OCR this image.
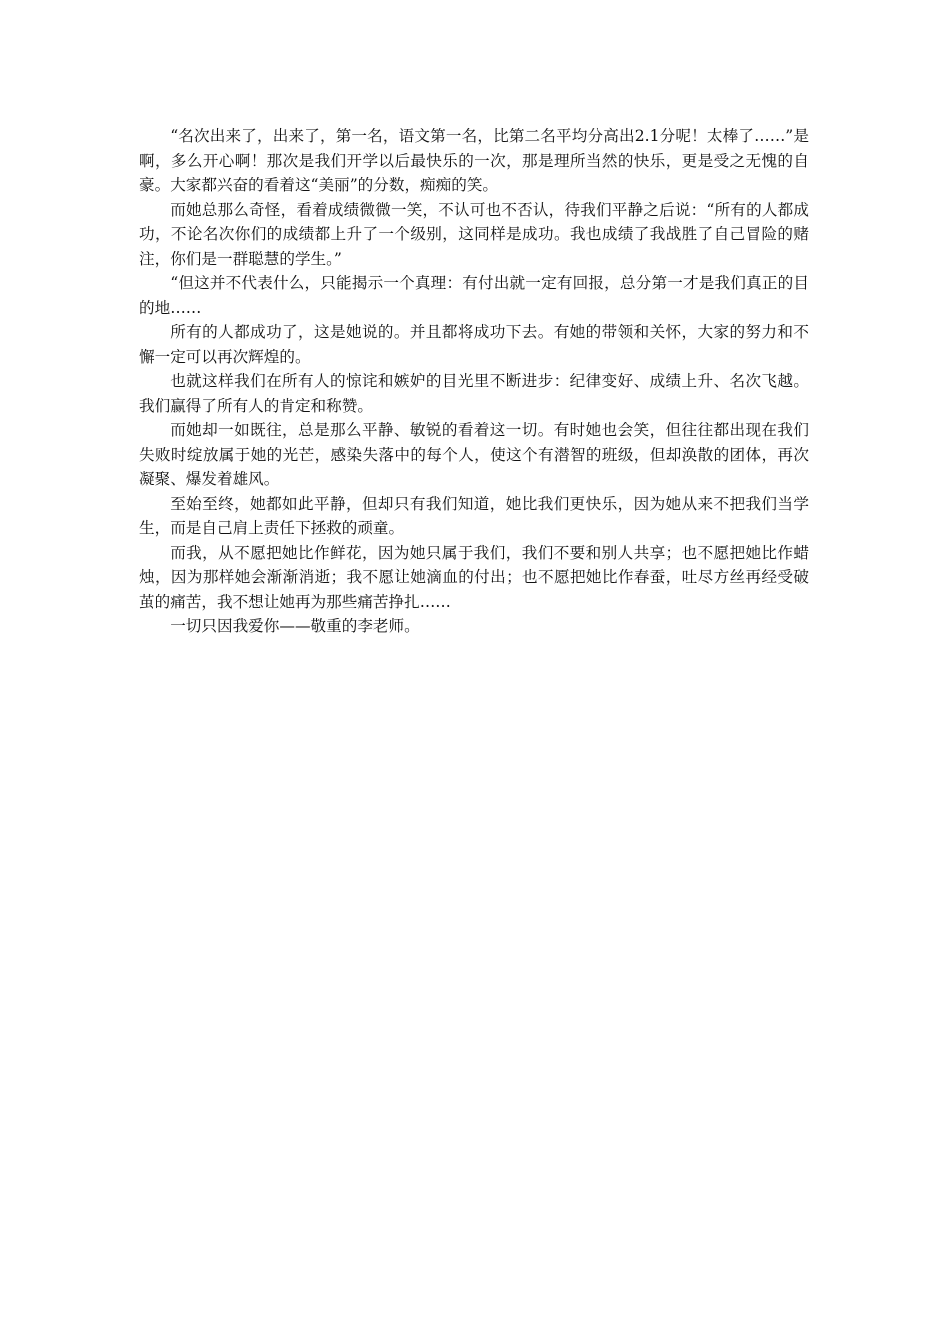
“名次出来了，出来了，第一名，语文第一名，比第二名平均分高出2.1分呢！太棒了……”是啊，多么开心啊！那次是我们开学以后最快乐的一次，那是理所当然的快乐，更是受之无愧的自豪。大家都兴奋的看着这“美丽”的分数，痴痴的笑。

而她总那么奇怪，看着成绩微微一笑，不认可也不否认，待我们平静之后说：“所有的人都成功，不论名次你们的成绩都上升了一个级别，这同样是成功。我也成绩了我战胜了自己冒险的赌注，你们是一群聪慧的学生。”

“但这并不代表什么，只能揭示一个真理：有付出就一定有回报，总分第一才是我们真正的目的地……

所有的人都成功了，这是她说的。并且都将成功下去。有她的带领和关怀，大家的努力和不懈一定可以再次辉煌的。

也就这样我们在所有人的惊诧和嫉妒的目光里不断进步：纪律变好、成绩上升、名次飞越。我们赢得了所有人的肯定和称赞。

而她却一如既往，总是那么平静、敏锐的看着这一切。有时她也会笑，但往往都出现在我们失败时绽放属于她的光芒，感染失落中的每个人，使这个有潜智的班级，但却涣散的团体，再次凝聚、爆发着雄风。

至始至终，她都如此平静，但却只有我们知道，她比我们更快乐，因为她从来不把我们当学生，而是自己肩上责任下拯救的顽童。

而我，从不愿把她比作鲜花，因为她只属于我们，我们不要和别人共享；也不愿把她比作蜡烛，因为那样她会渐渐消逝；我不愿让她滴血的付出；也不愿把她比作春蚕，吐尽方丝再经受破茧的痛苦，我不想让她再为那些痛苦挣扎……

一切只因我爱你——敬重的李老师。
